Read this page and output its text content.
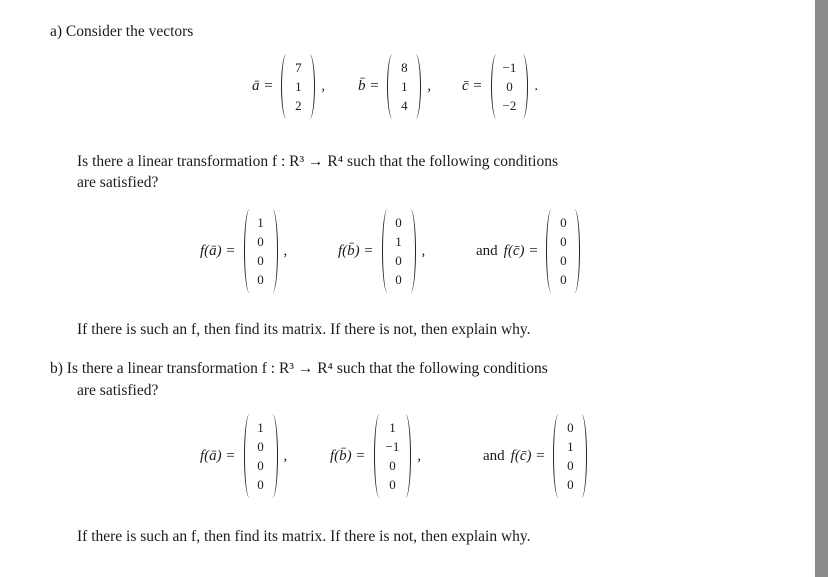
a) Consider the vectors
Is there a linear transformation f : R³ → R⁴ such that the following conditions
are satisfied?
If there is such an f, then find its matrix. If there is not, then explain why.
b) Is there a linear transformation f : R³ → R⁴ such that the following conditions
are satisfied?
If there is such an f, then find its matrix. If there is not, then explain why.
ā =
7
1
2
, b̄ =
8
1
4
, c̄ =
−1
0
−2
.
f(ā) =
1
0
0
0
,	f(b̄) =
0
1
0
0
,	and f(c̄) =
0
0
0
0
f(ā) =
1
0
0
0
,	f(b̄) =
1
−1
0
0
,	and f(c̄) =
0
1
0
0
